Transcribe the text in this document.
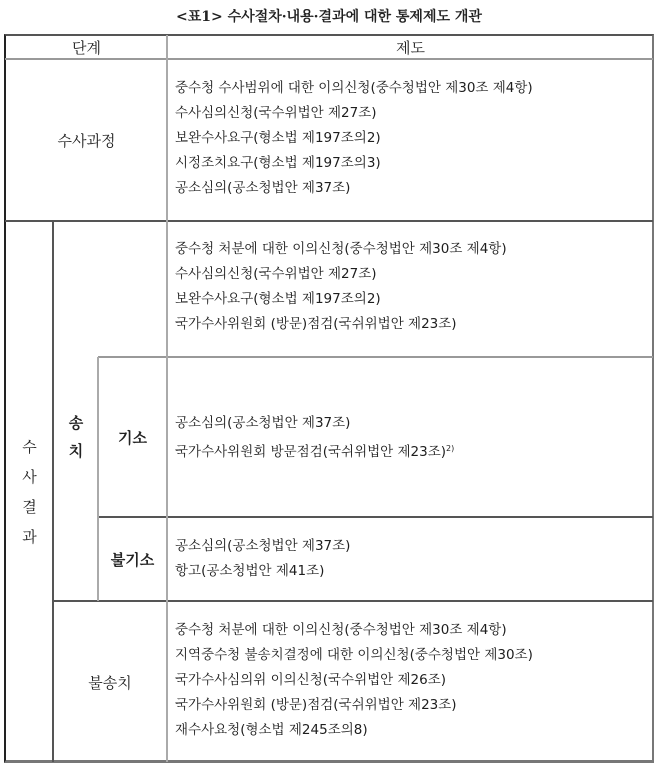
<표1> 수사절차·내용·결과에 대한 통제제도 개관
단계	제도
수사과정
중수청 수사범위에 대한 이의신청(중수청법안 제30조 제4항)
수사심의신청(국수위법안 제27조)
보완수사요구(형소법 제197조의2)
시정조치요구(형소법 제197조의3)
공소심의(공소청법안 제37조)
수
사
결
과
송
치
중수청 처분에 대한 이의신청(중수청법안 제30조 제4항)
수사심의신청(국수위법안 제27조)
보완수사요구(형소법 제197조의2)
국가수사위원회 (방문)점검(국쉬위법안 제23조)
기소
공소심의(공소청법안 제37조)
국가수사위원회 방문점검(국쉬위법안 제23조)$^{2)}$
불기소
공소심의(공소청법안 제37조)
항고(공소청법안 제41조)
불송치
중수청 처분에 대한 이의신청(중수청법안 제30조 제4항)
지역중수청 불송치결정에 대한 이의신청(중수청법안 제30조)
국가수사심의위 이의신청(국수위법안 제26조)
국가수사위원회 (방문)점검(국쉬위법안 제23조)
재수사요청(형소법 제245조의8)
